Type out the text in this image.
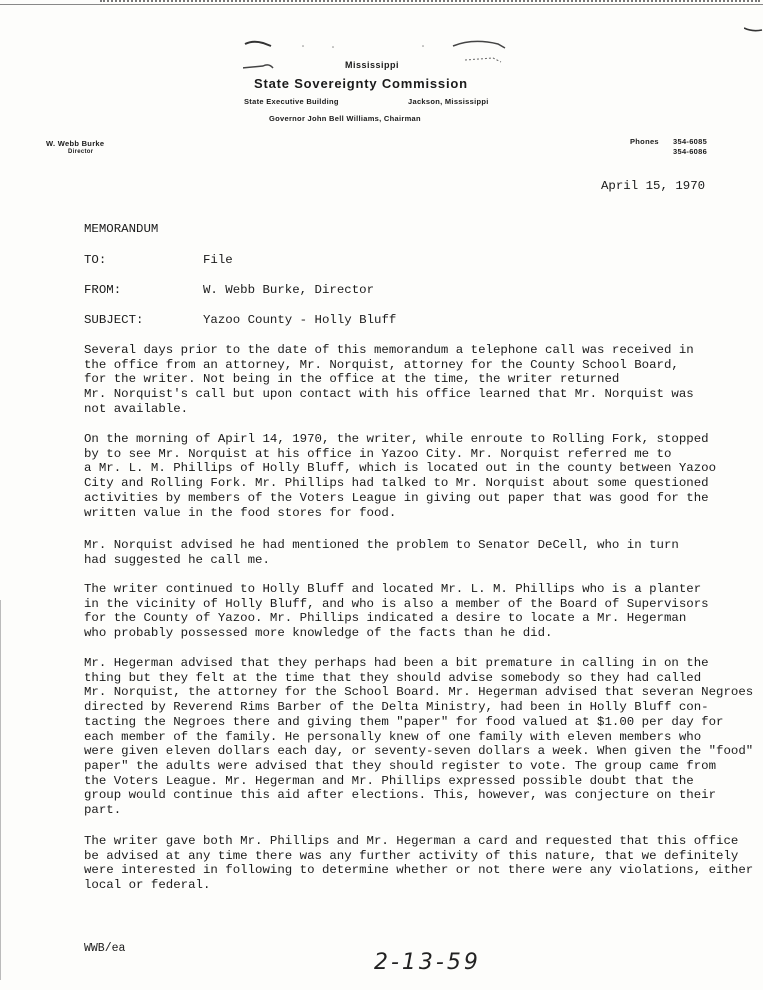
Mississippi
State Sovereignty Commission
State Executive Building	Jackson, Mississippi
Governor John Bell Williams, Chairman
W. Webb Burke
Director
Phones 354-6085
354-6086
April 15, 1970
MEMORANDUM
TO:	File
FROM:	W. Webb Burke, Director
SUBJECT:	Yazoo County - Holly Bluff
Several days prior to the date of this memorandum a telephone call was received in
the office from an attorney, Mr. Norquist, attorney for the County School Board,
for the writer. Not being in the office at the time, the writer returned
Mr. Norquist's call but upon contact with his office learned that Mr. Norquist was
not available.
On the morning of Apirl 14, 1970, the writer, while enroute to Rolling Fork, stopped
by to see Mr. Norquist at his office in Yazoo City. Mr. Norquist referred me to
a Mr. L. M. Phillips of Holly Bluff, which is located out in the county between Yazoo
City and Rolling Fork. Mr. Phillips had talked to Mr. Norquist about some questioned
activities by members of the Voters League in giving out paper that was good for the
written value in the food stores for food.
Mr. Norquist advised he had mentioned the problem to Senator DeCell, who in turn
had suggested he call me.
The writer continued to Holly Bluff and located Mr. L. M. Phillips who is a planter
in the vicinity of Holly Bluff, and who is also a member of the Board of Supervisors
for the County of Yazoo. Mr. Phillips indicated a desire to locate a Mr. Hegerman
who probably possessed more knowledge of the facts than he did.
Mr. Hegerman advised that they perhaps had been a bit premature in calling in on the
thing but they felt at the time that they should advise somebody so they had called
Mr. Norquist, the attorney for the School Board. Mr. Hegerman advised that severan Negroes
directed by Reverend Rims Barber of the Delta Ministry, had been in Holly Bluff con-
tacting the Negroes there and giving them "paper" for food valued at $1.00 per day for
each member of the family. He personally knew of one family with eleven members who
were given eleven dollars each day, or seventy-seven dollars a week. When given the "food"
paper" the adults were advised that they should register to vote. The group came from
the Voters League. Mr. Hegerman and Mr. Phillips expressed possible doubt that the
group would continue this aid after elections. This, however, was conjecture on their
part.
The writer gave both Mr. Phillips and Mr. Hegerman a card and requested that this office
be advised at any time there was any further activity of this nature, that we definitely
were interested in following to determine whether or not there were any violations, either
local or federal.
WWB/ea
2-13-59
